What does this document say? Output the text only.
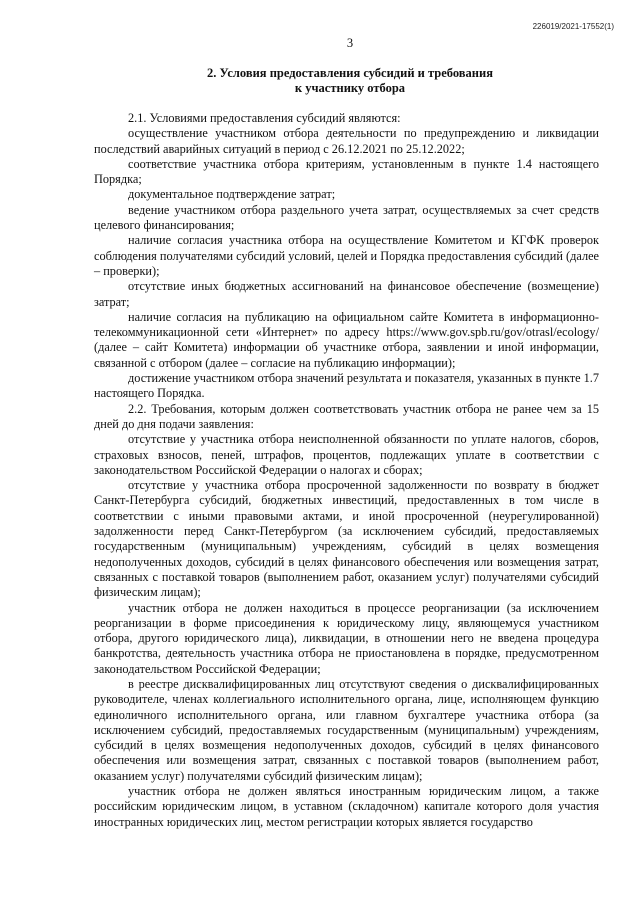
226019/2021-17552(1)
3
2. Условия предоставления субсидий и требования
к участнику отбора

2.1. Условиями предоставления субсидий являются:

осуществление участником отбора деятельности по предупреждению и ликвидации последствий аварийных ситуаций в период с 26.12.2021 по 25.12.2022;

соответствие участника отбора критериям, установленным в пункте 1.4 настоящего Порядка;

документальное подтверждение затрат;

ведение участником отбора раздельного учета затрат, осуществляемых за счет средств целевого финансирования;

наличие согласия участника отбора на осуществление Комитетом и КГФК проверок соблюдения получателями субсидий условий, целей и Порядка предоставления субсидий (далее – проверки);

отсутствие иных бюджетных ассигнований на финансовое обеспечение (возмещение) затрат;

наличие согласия на публикацию на официальном сайте Комитета в информационно-телекоммуникационной сети «Интернет» по адресу https://www.gov.spb.ru/gov/otrasl/ecology/ (далее – сайт Комитета) информации об участнике отбора, заявлении и иной информации, связанной с отбором (далее – согласие на публикацию информации);

достижение участником отбора значений результата и показателя, указанных в пункте 1.7 настоящего Порядка.

2.2. Требования, которым должен соответствовать участник отбора не ранее чем за 15 дней до дня подачи заявления:

отсутствие у участника отбора неисполненной обязанности по уплате налогов, сборов, страховых взносов, пеней, штрафов, процентов, подлежащих уплате в соответствии с законодательством Российской Федерации о налогах и сборах;

отсутствие у участника отбора просроченной задолженности по возврату в бюджет Санкт-Петербурга субсидий, бюджетных инвестиций, предоставленных в том числе в соответствии с иными правовыми актами, и иной просроченной (неурегулированной) задолженности перед Санкт-Петербургом (за исключением субсидий, предоставляемых государственным (муниципальным) учреждениям, субсидий в целях возмещения недополученных доходов, субсидий в целях финансового обеспечения или возмещения затрат, связанных с поставкой товаров (выполнением работ, оказанием услуг) получателями субсидий физическим лицам);

участник отбора не должен находиться в процессе реорганизации (за исключением реорганизации в форме присоединения к юридическому лицу, являющемуся участником отбора, другого юридического лица), ликвидации, в отношении него не введена процедура банкротства, деятельность участника отбора не приостановлена в порядке, предусмотренном законодательством Российской Федерации;

в реестре дисквалифицированных лиц отсутствуют сведения о дисквалифицированных руководителе, членах коллегиального исполнительного органа, лице, исполняющем функцию единоличного исполнительного органа, или главном бухгалтере участника отбора (за исключением субсидий, предоставляемых государственным (муниципальным) учреждениям, субсидий в целях возмещения недополученных доходов, субсидий в целях финансового обеспечения или возмещения затрат, связанных с поставкой товаров (выполнением работ, оказанием услуг) получателями субсидий физическим лицам);

участник отбора не должен являться иностранным юридическим лицом, а также российским юридическим лицом, в уставном (складочном) капитале которого доля участия иностранных юридических лиц, местом регистрации которых является государство
